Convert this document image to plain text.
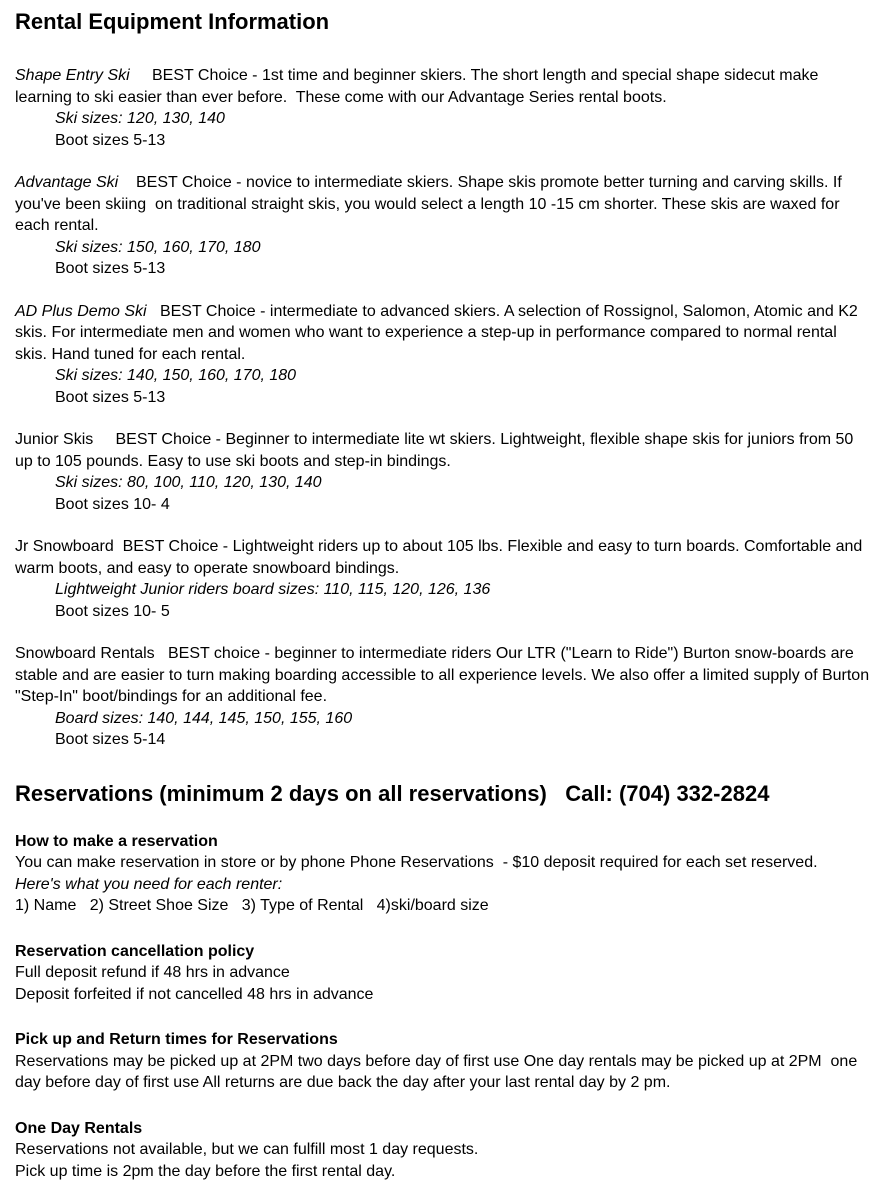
Rental Equipment Information

Shape Entry Ski BEST Choice - 1st time and beginner skiers. The short length and special shape sidecut make learning to ski easier than ever before.  These come with our Advantage Series rental boots.

Ski sizes: 120, 130, 140

Boot sizes 5-13

Advantage Ski BEST Choice - novice to intermediate skiers. Shape skis promote better turning and carving skills. If you've been skiing  on traditional straight skis, you would select a length 10 -15 cm shorter. These skis are waxed for each rental.

Ski sizes: 150, 160, 170, 180

Boot sizes 5-13

AD Plus Demo Ski BEST Choice - intermediate to advanced skiers. A selection of Rossignol, Salomon, Atomic and K2 skis. For intermediate men and women who want to experience a step-up in performance compared to normal rental skis. Hand tuned for each rental.

Ski sizes: 140, 150, 160, 170, 180

Boot sizes 5-13

Junior Skis BEST Choice - Beginner to intermediate lite wt skiers. Lightweight, flexible shape skis for juniors from 50 up to 105 pounds. Easy to use ski boots and step-in bindings.

Ski sizes: 80, 100, 110, 120, 130, 140

Boot sizes 10- 4

Jr Snowboard BEST Choice - Lightweight riders up to about 105 lbs. Flexible and easy to turn boards. Comfortable and warm boots, and easy to operate snowboard bindings.

Lightweight Junior riders board sizes: 110, 115, 120, 126, 136

Boot sizes 10- 5

Snowboard Rentals BEST choice - beginner to intermediate riders Our LTR ("Learn to Ride") Burton snow-boards are stable and are easier to turn making boarding accessible to all experience levels. We also offer a limited supply of Burton "Step-In" boot/bindings for an additional fee.

Board sizes: 140, 144, 145, 150, 155, 160

Boot sizes 5-14

Reservations (minimum 2 days on all reservations)   Call: (704) 332-2824
How to make a reservation

You can make reservation in store or by phone Phone Reservations  - $10 deposit required for each set reserved.

Here's what you need for each renter:

1) Name   2) Street Shoe Size   3) Type of Rental   4)ski/board size

Reservation cancellation policy

Full deposit refund if 48 hrs in advance

Deposit forfeited if not cancelled 48 hrs in advance

Pick up and Return times for Reservations

Reservations may be picked up at 2PM two days before day of first use One day rentals may be picked up at 2PM  one day before day of first use All returns are due back the day after your last rental day by 2 pm.

One Day Rentals

Reservations not available, but we can fulfill most 1 day requests.

Pick up time is 2pm the day before the first rental day.
